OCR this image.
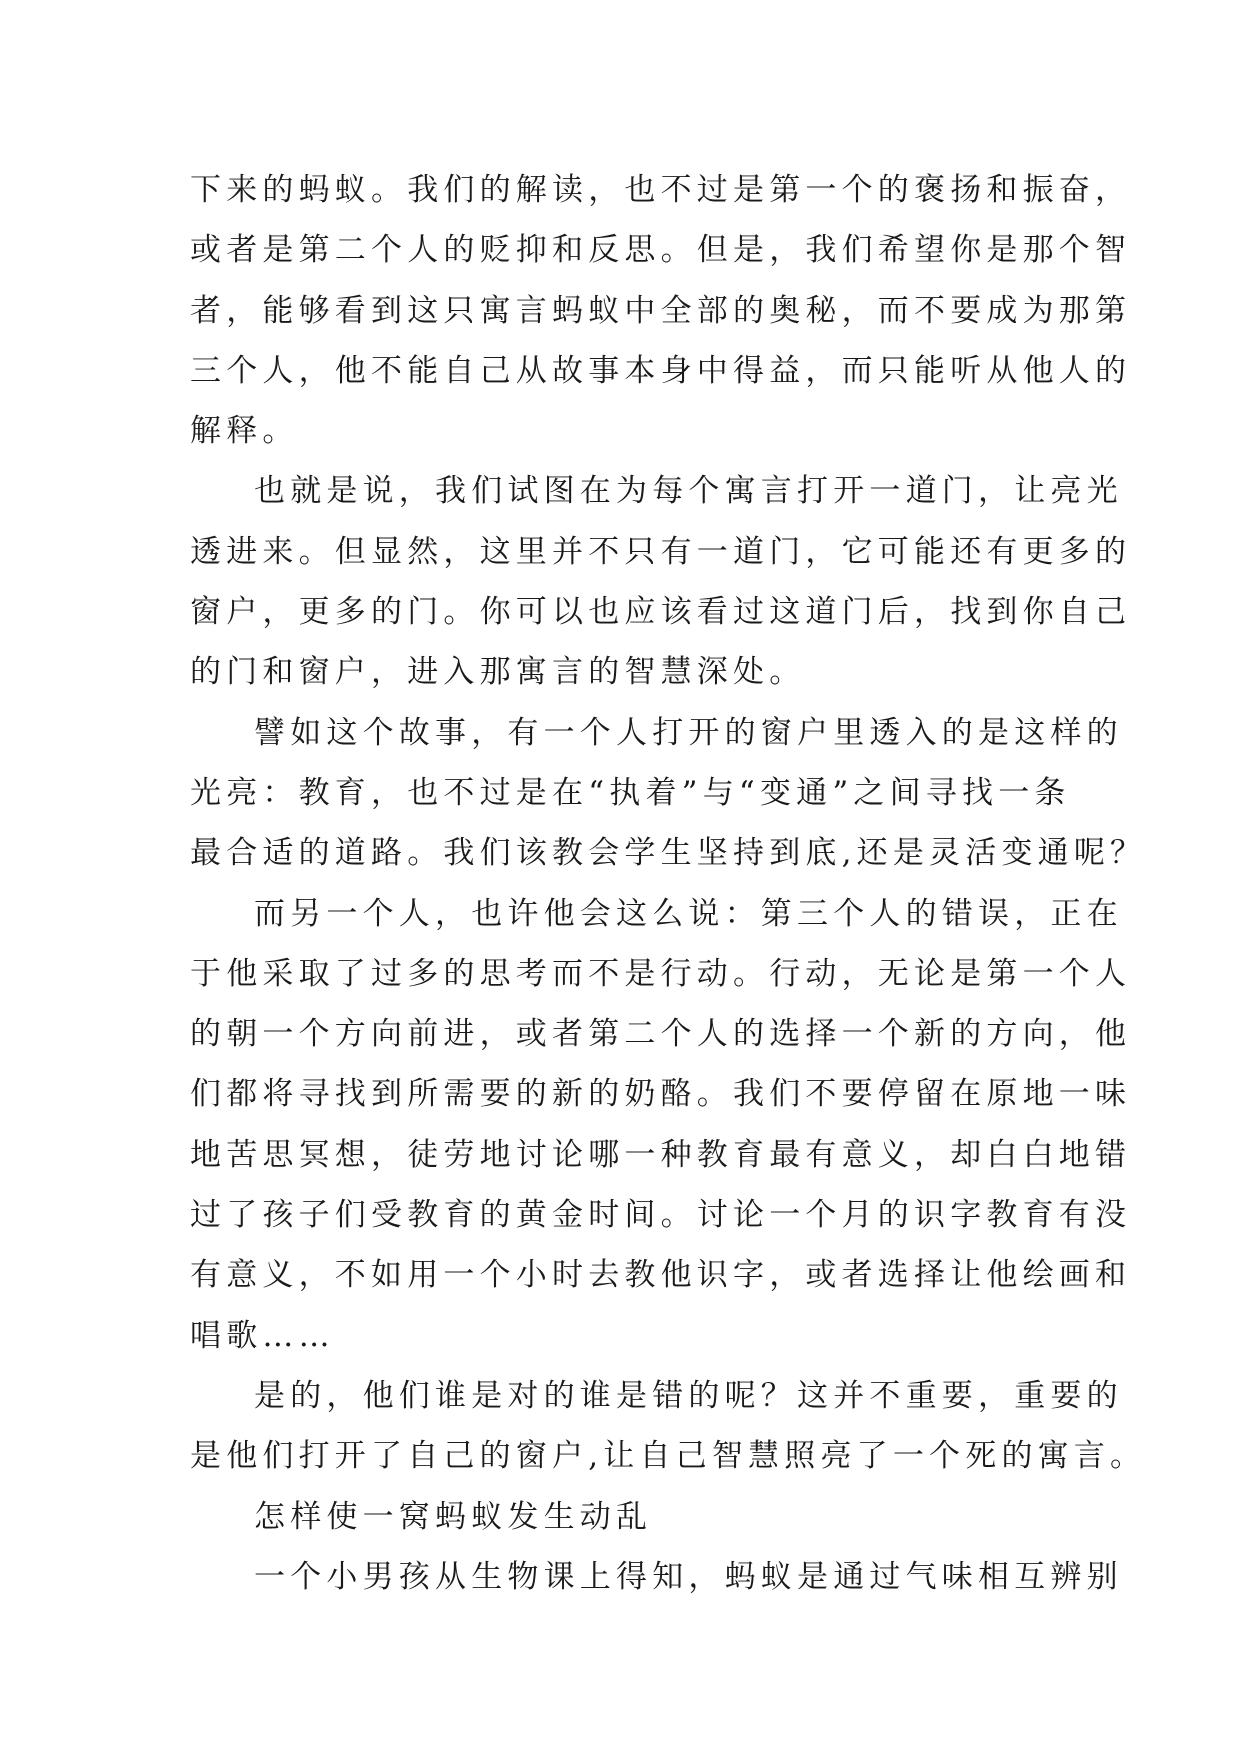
下来的蚂蚁。我们的解读，也不过是第一个的褒扬和振奋，
或者是第二个人的贬抑和反思。但是，我们希望你是那个智
者，能够看到这只寓言蚂蚁中全部的奥秘，而不要成为那第
三个人，他不能自己从故事本身中得益，而只能听从他人的
解释。
也就是说，我们试图在为每个寓言打开一道门，让亮光
透进来。但显然，这里并不只有一道门，它可能还有更多的
窗户，更多的门。你可以也应该看过这道门后，找到你自己
的门和窗户，进入那寓言的智慧深处。
譬如这个故事，有一个人打开的窗户里透入的是这样的
光亮：教育，也不过是在“执着”与“变通”之间寻找一条
最合适的道路。我们该教会学生坚持到底,还是灵活变通呢？
而另一个人，也许他会这么说：第三个人的错误，正在
于他采取了过多的思考而不是行动。行动，无论是第一个人
的朝一个方向前进，或者第二个人的选择一个新的方向，他
们都将寻找到所需要的新的奶酪。我们不要停留在原地一味
地苦思冥想，徒劳地讨论哪一种教育最有意义，却白白地错
过了孩子们受教育的黄金时间。讨论一个月的识字教育有没
有意义，不如用一个小时去教他识字，或者选择让他绘画和
唱歌……
是的，他们谁是对的谁是错的呢？这并不重要，重要的
是他们打开了自己的窗户,让自己智慧照亮了一个死的寓言。
怎样使一窝蚂蚁发生动乱
一个小男孩从生物课上得知，蚂蚁是通过气味相互辨别
